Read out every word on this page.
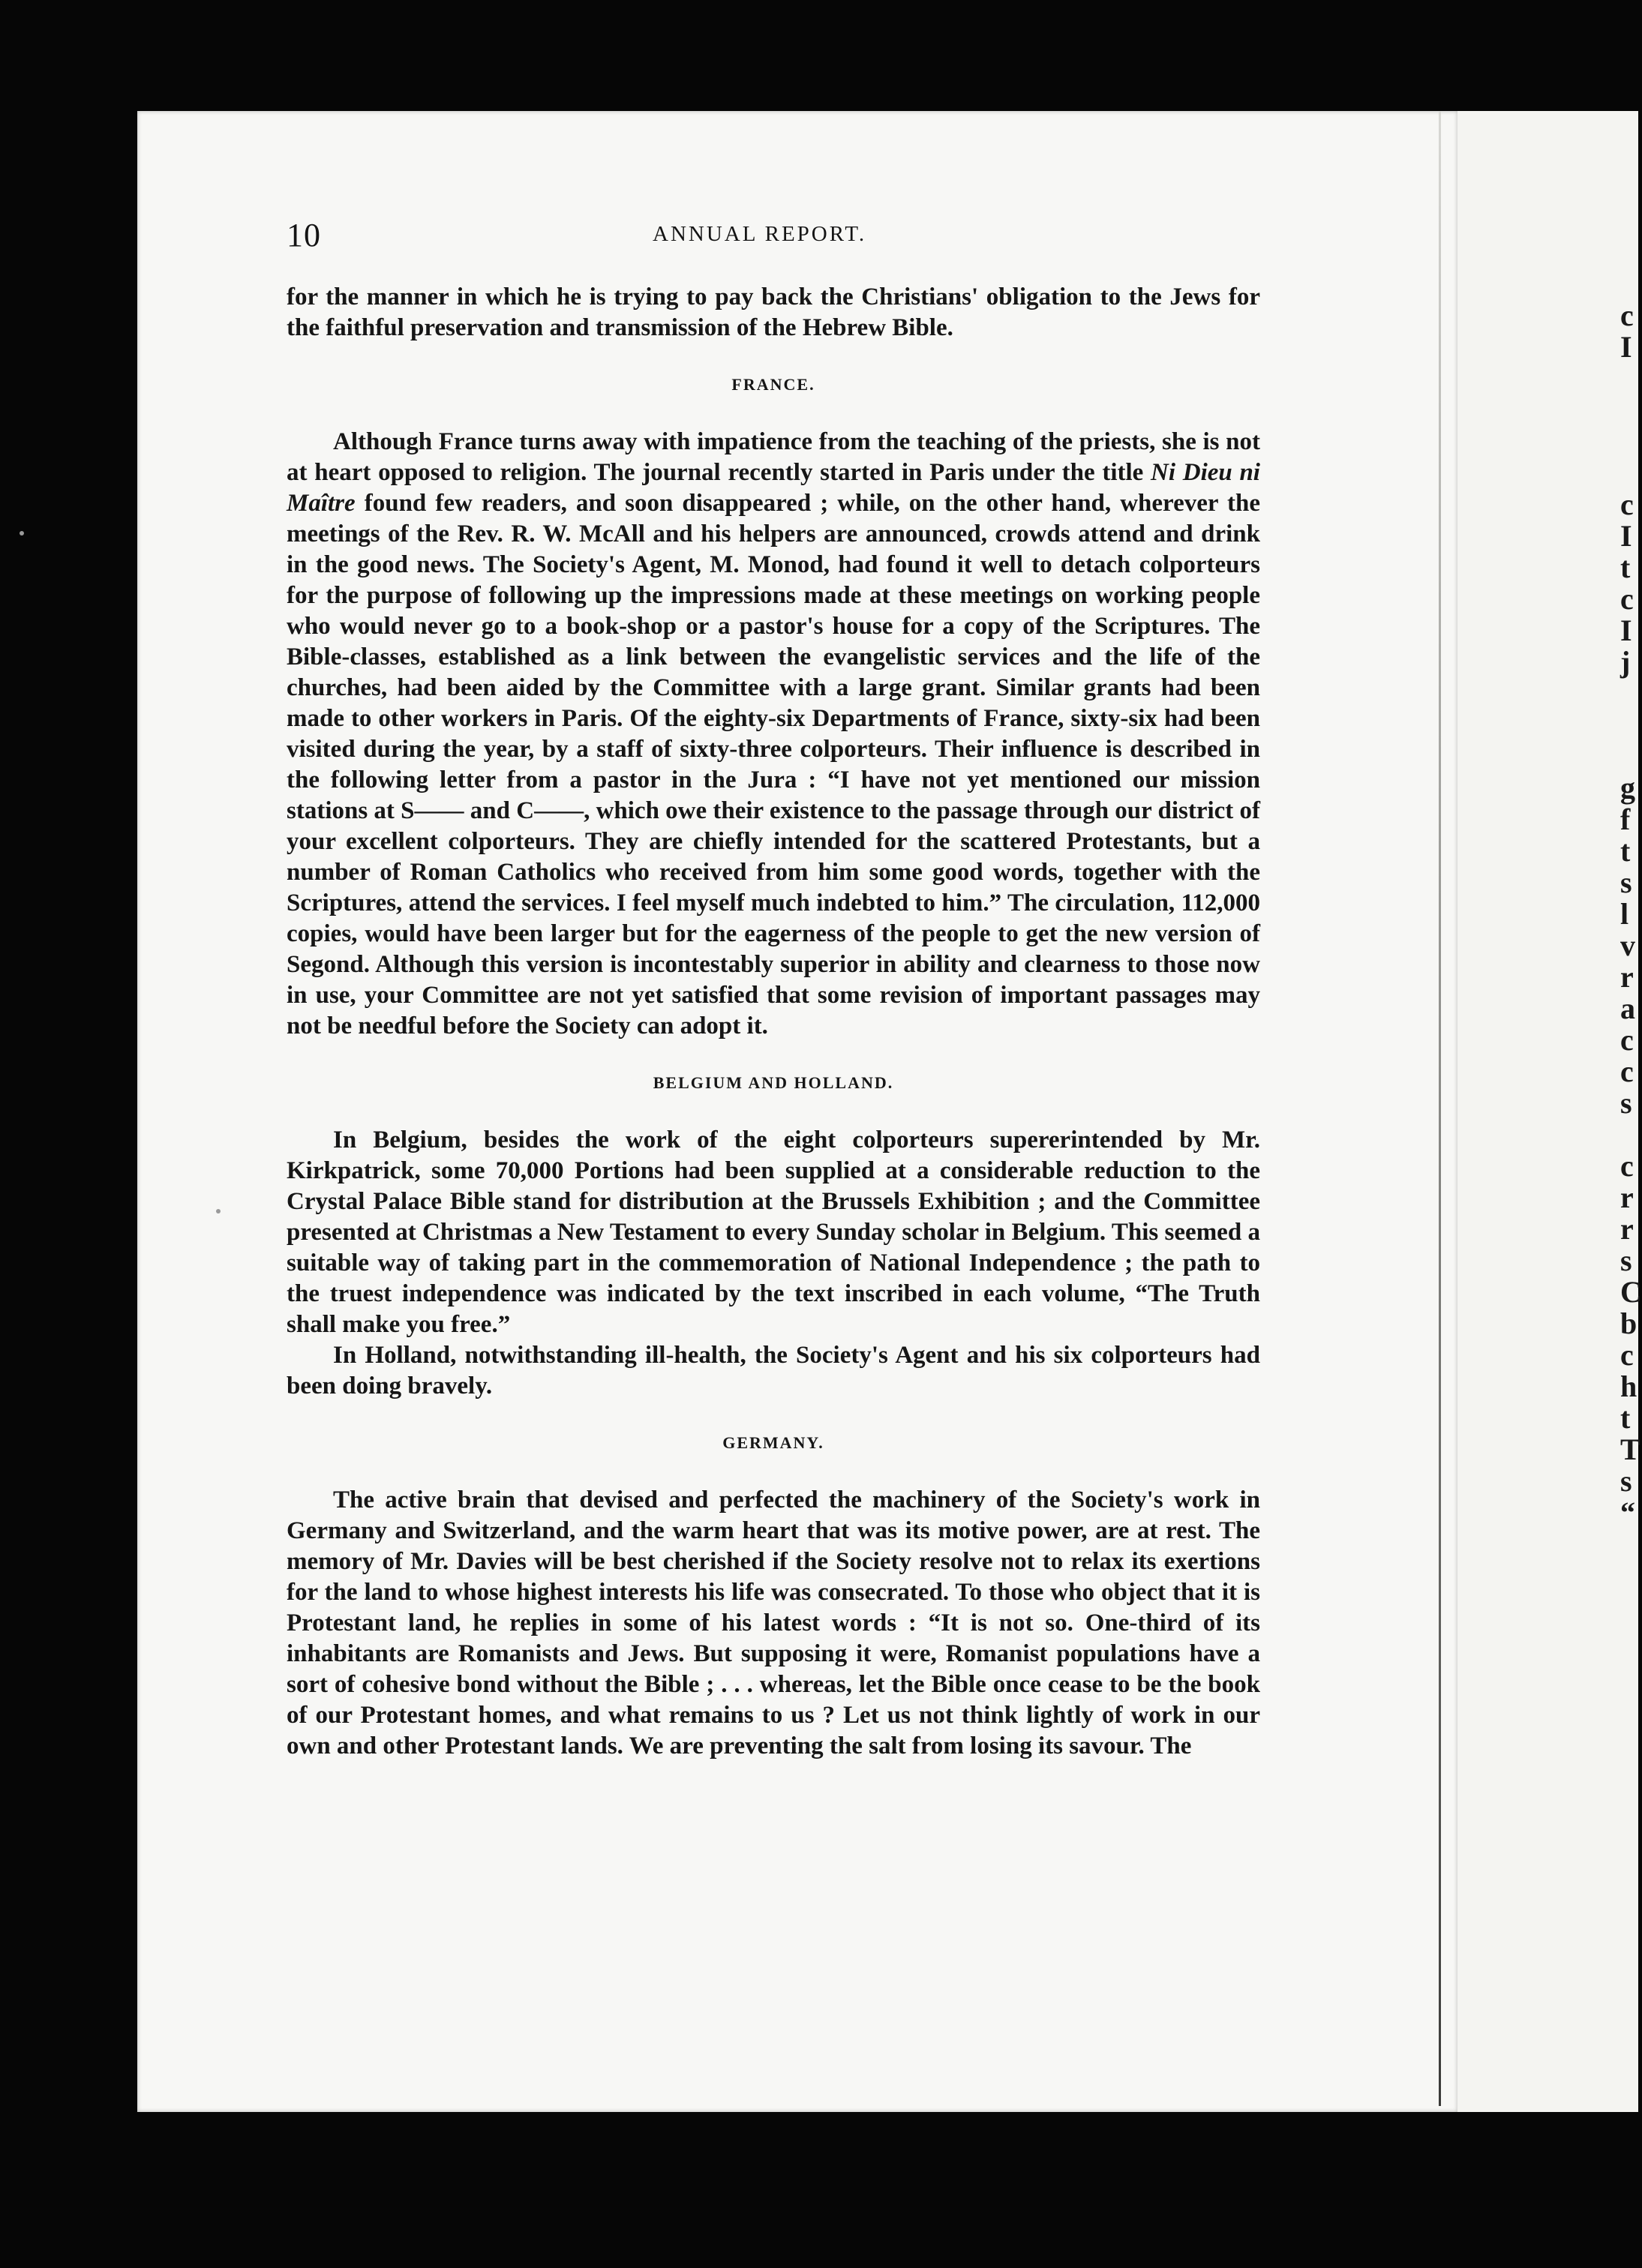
c
I

c
I
t
c
I
j

g
f
t
s
l
v
r
a
c
c
s

c
r
r
s
C
b
c
h
t
T
s
“
10	ANNUAL REPORT.

for the manner in which he is trying to pay back the Christians' obligation to the Jews for the faithful preservation and transmission of the Hebrew Bible.

FRANCE.

Although France turns away with impatience from the teaching of the priests, she is not at heart opposed to religion. The journal recently started in Paris under the title Ni Dieu ni Maître found few readers, and soon disappeared ; while, on the other hand, wherever the meetings of the Rev. R. W. McAll and his helpers are announced, crowds attend and drink in the good news. The Society's Agent, M. Monod, had found it well to detach colporteurs for the purpose of following up the impressions made at these meetings on working people who would never go to a book-shop or a pastor's house for a copy of the Scriptures. The Bible-classes, established as a link between the evangelistic services and the life of the churches, had been aided by the Committee with a large grant. Similar grants had been made to other workers in Paris. Of the eighty-six Departments of France, sixty-six had been visited during the year, by a staff of sixty-three colporteurs. Their influence is described in the following letter from a pastor in the Jura : “I have not yet mentioned our mission stations at S—— and C——, which owe their existence to the passage through our district of your excellent colporteurs. They are chiefly intended for the scattered Protestants, but a number of Roman Catholics who received from him some good words, together with the Scriptures, attend the services. I feel myself much indebted to him.” The circulation, 112,000 copies, would have been larger but for the eagerness of the people to get the new version of Segond. Although this version is incontestably superior in ability and clearness to those now in use, your Committee are not yet satisfied that some revision of important passages may not be needful before the Society can adopt it.

BELGIUM AND HOLLAND.

In Belgium, besides the work of the eight colporteurs supererintended by Mr. Kirkpatrick, some 70,000 Portions had been supplied at a considerable reduction to the Crystal Palace Bible stand for distribution at the Brussels Exhibition ; and the Committee presented at Christmas a New Testament to every Sunday scholar in Belgium. This seemed a suitable way of taking part in the commemoration of National Independence ; the path to the truest independence was indicated by the text inscribed in each volume, “The Truth shall make you free.”

In Holland, notwithstanding ill-health, the Society's Agent and his six colporteurs had been doing bravely.

GERMANY.

The active brain that devised and perfected the machinery of the Society's work in Germany and Switzerland, and the warm heart that was its motive power, are at rest. The memory of Mr. Davies will be best cherished if the Society resolve not to relax its exertions for the land to whose highest interests his life was consecrated. To those who object that it is Protestant land, he replies in some of his latest words : “It is not so. One-third of its inhabitants are Romanists and Jews. But supposing it were, Romanist populations have a sort of cohesive bond without the Bible ; . . . whereas, let the Bible once cease to be the book of our Protestant homes, and what remains to us ? Let us not think lightly of work in our own and other Protestant lands. We are preventing the salt from losing its savour. The
